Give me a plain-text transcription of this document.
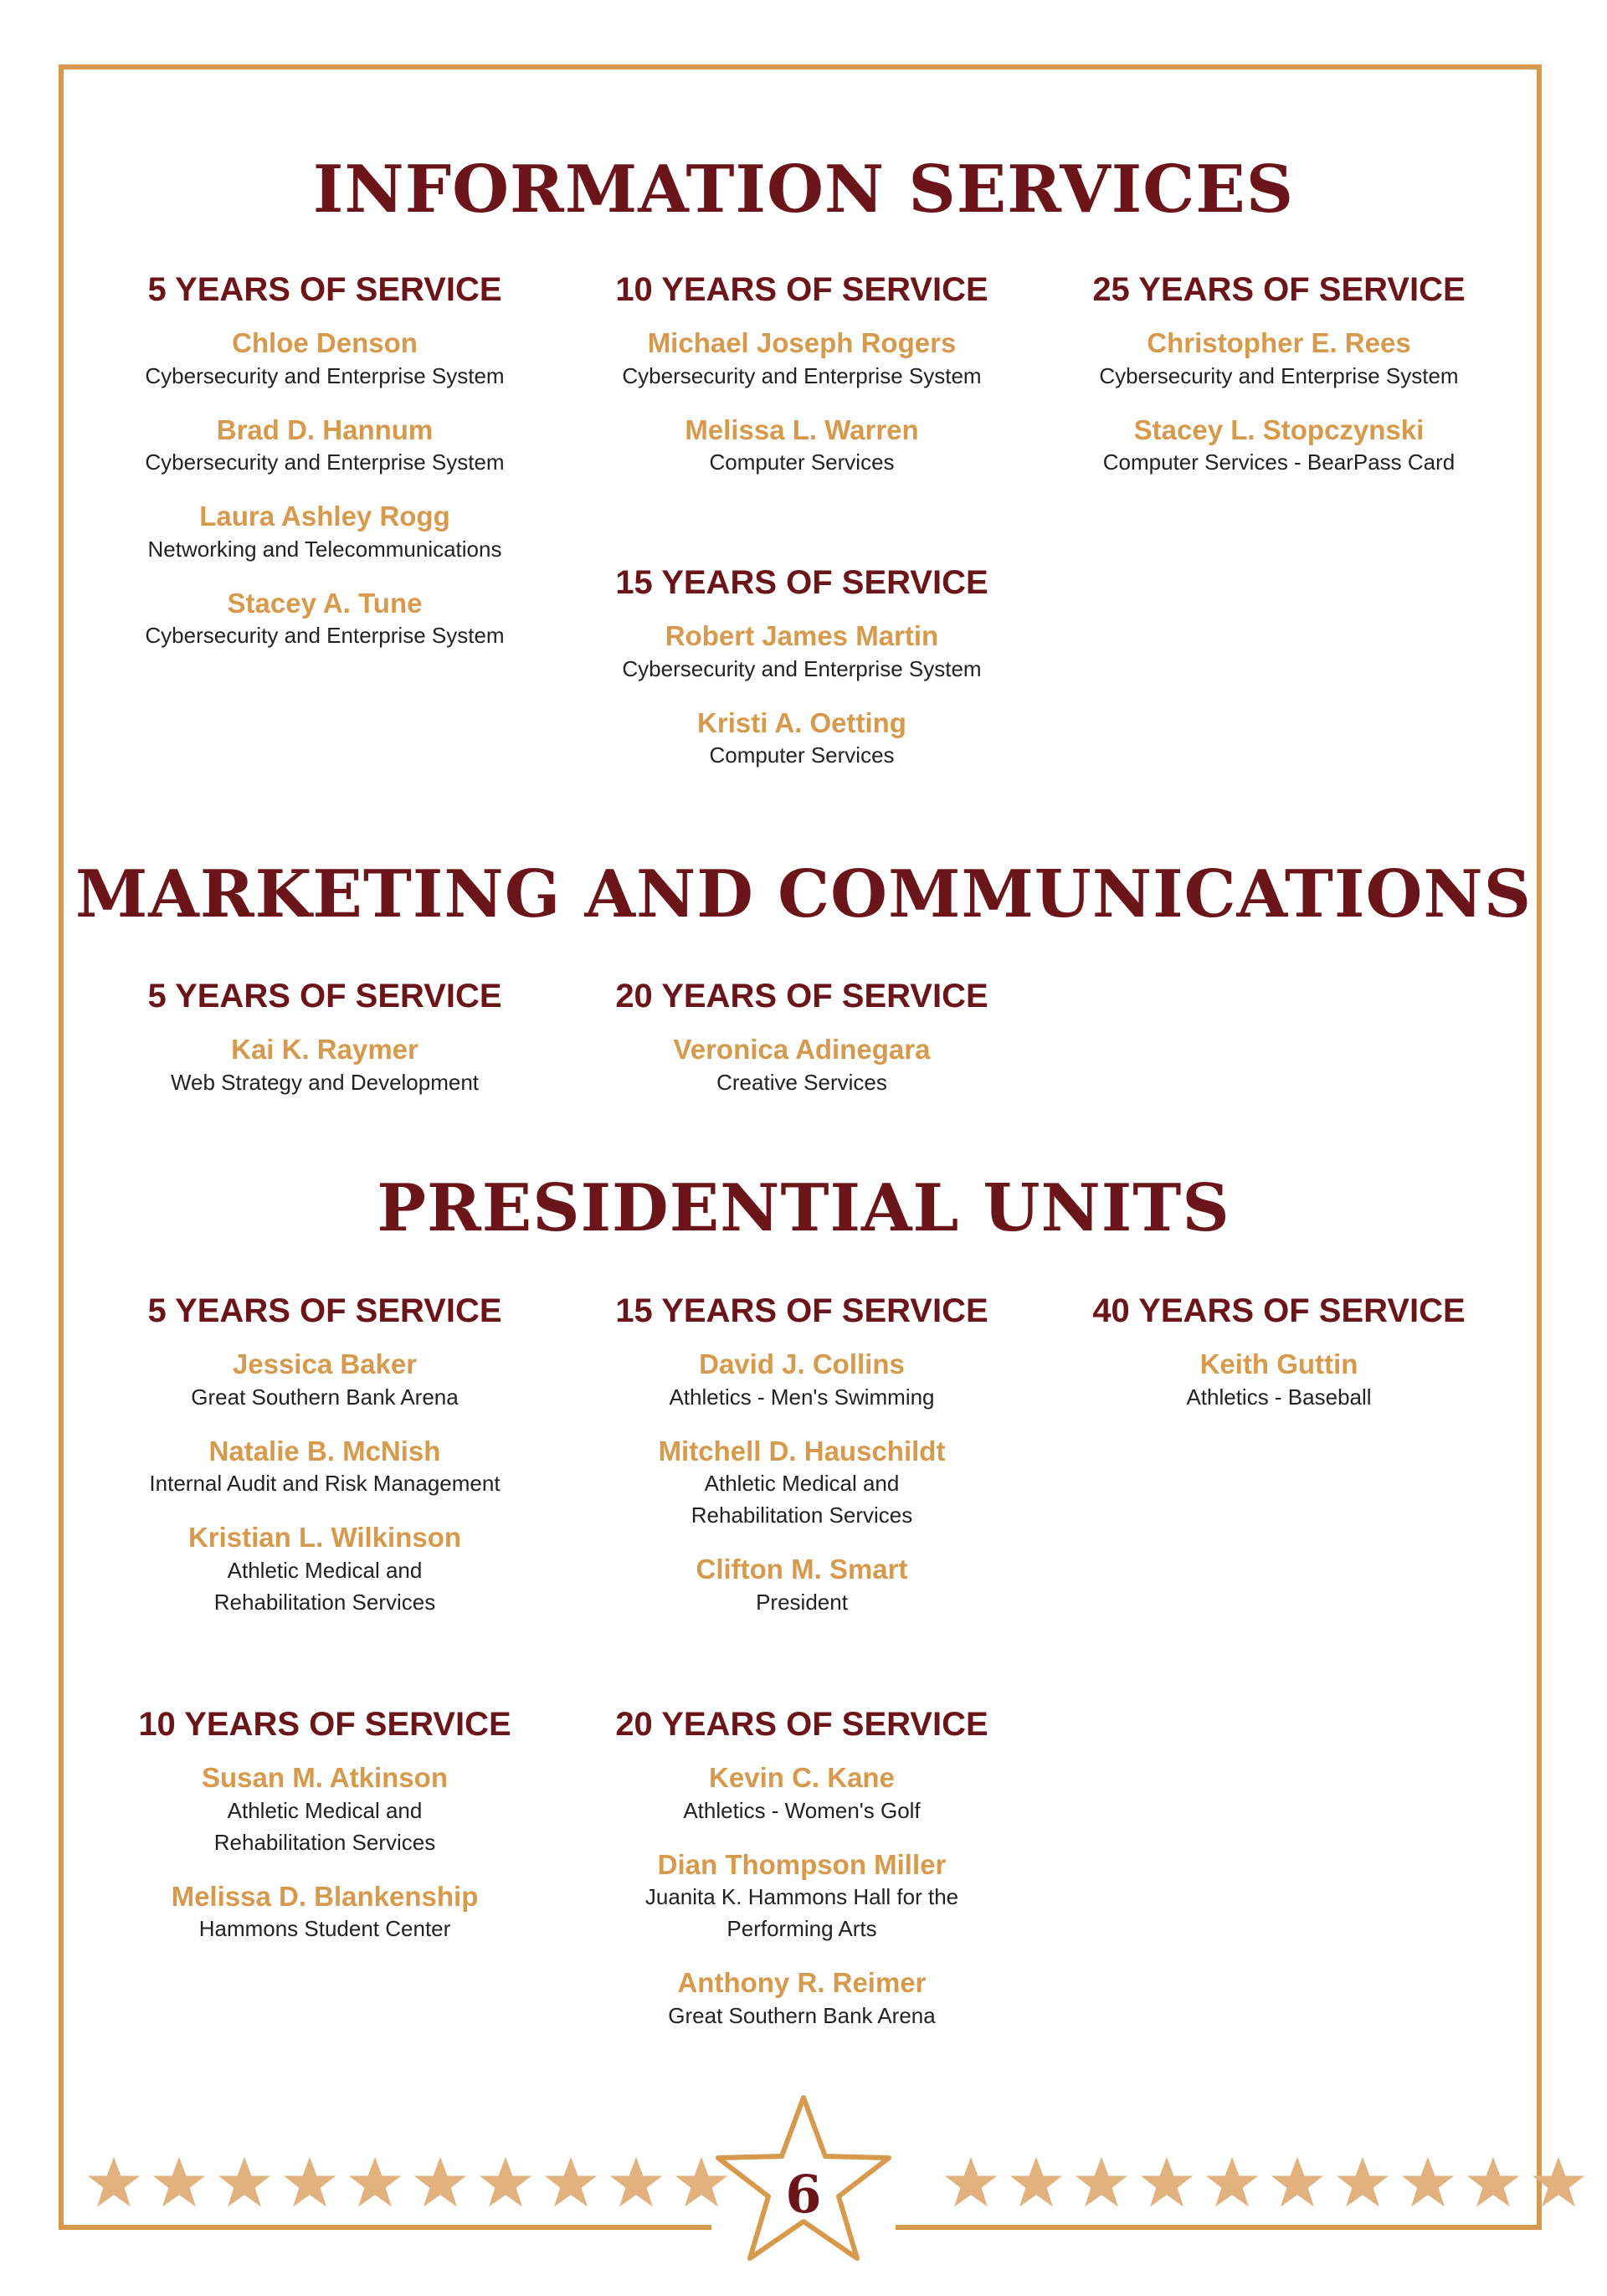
INFORMATION SERVICES
5 YEARS OF SERVICE
Chloe Denson
Cybersecurity and Enterprise System
Brad D. Hannum
Cybersecurity and Enterprise System
Laura Ashley Rogg
Networking and Telecommunications
Stacey A. Tune
Cybersecurity and Enterprise System
10 YEARS OF SERVICE
Michael Joseph Rogers
Cybersecurity and Enterprise System
Melissa L. Warren
Computer Services
25 YEARS OF SERVICE
Christopher E. Rees
Cybersecurity and Enterprise System
Stacey L. Stopczynski
Computer Services - BearPass Card
15 YEARS OF SERVICE
Robert James Martin
Cybersecurity and Enterprise System
Kristi A. Oetting
Computer Services
MARKETING AND COMMUNICATIONS
5 YEARS OF SERVICE
Kai K. Raymer
Web Strategy and Development
20 YEARS OF SERVICE
Veronica Adinegara
Creative Services
PRESIDENTIAL UNITS
5 YEARS OF SERVICE
Jessica Baker
Great Southern Bank Arena
Natalie B. McNish
Internal Audit and Risk Management
Kristian L. Wilkinson
Athletic Medical and Rehabilitation Services
15 YEARS OF SERVICE
David J. Collins
Athletics - Men's Swimming
Mitchell D. Hauschildt
Athletic Medical and Rehabilitation Services
Clifton M. Smart
President
40 YEARS OF SERVICE
Keith Guttin
Athletics - Baseball
10 YEARS OF SERVICE
Susan M. Atkinson
Athletic Medical and Rehabilitation Services
Melissa D. Blankenship
Hammons Student Center
20 YEARS OF SERVICE
Kevin C. Kane
Athletics - Women's Golf
Dian Thompson Miller
Juanita K. Hammons Hall for the Performing Arts
Anthony R. Reimer
Great Southern Bank Arena
6
